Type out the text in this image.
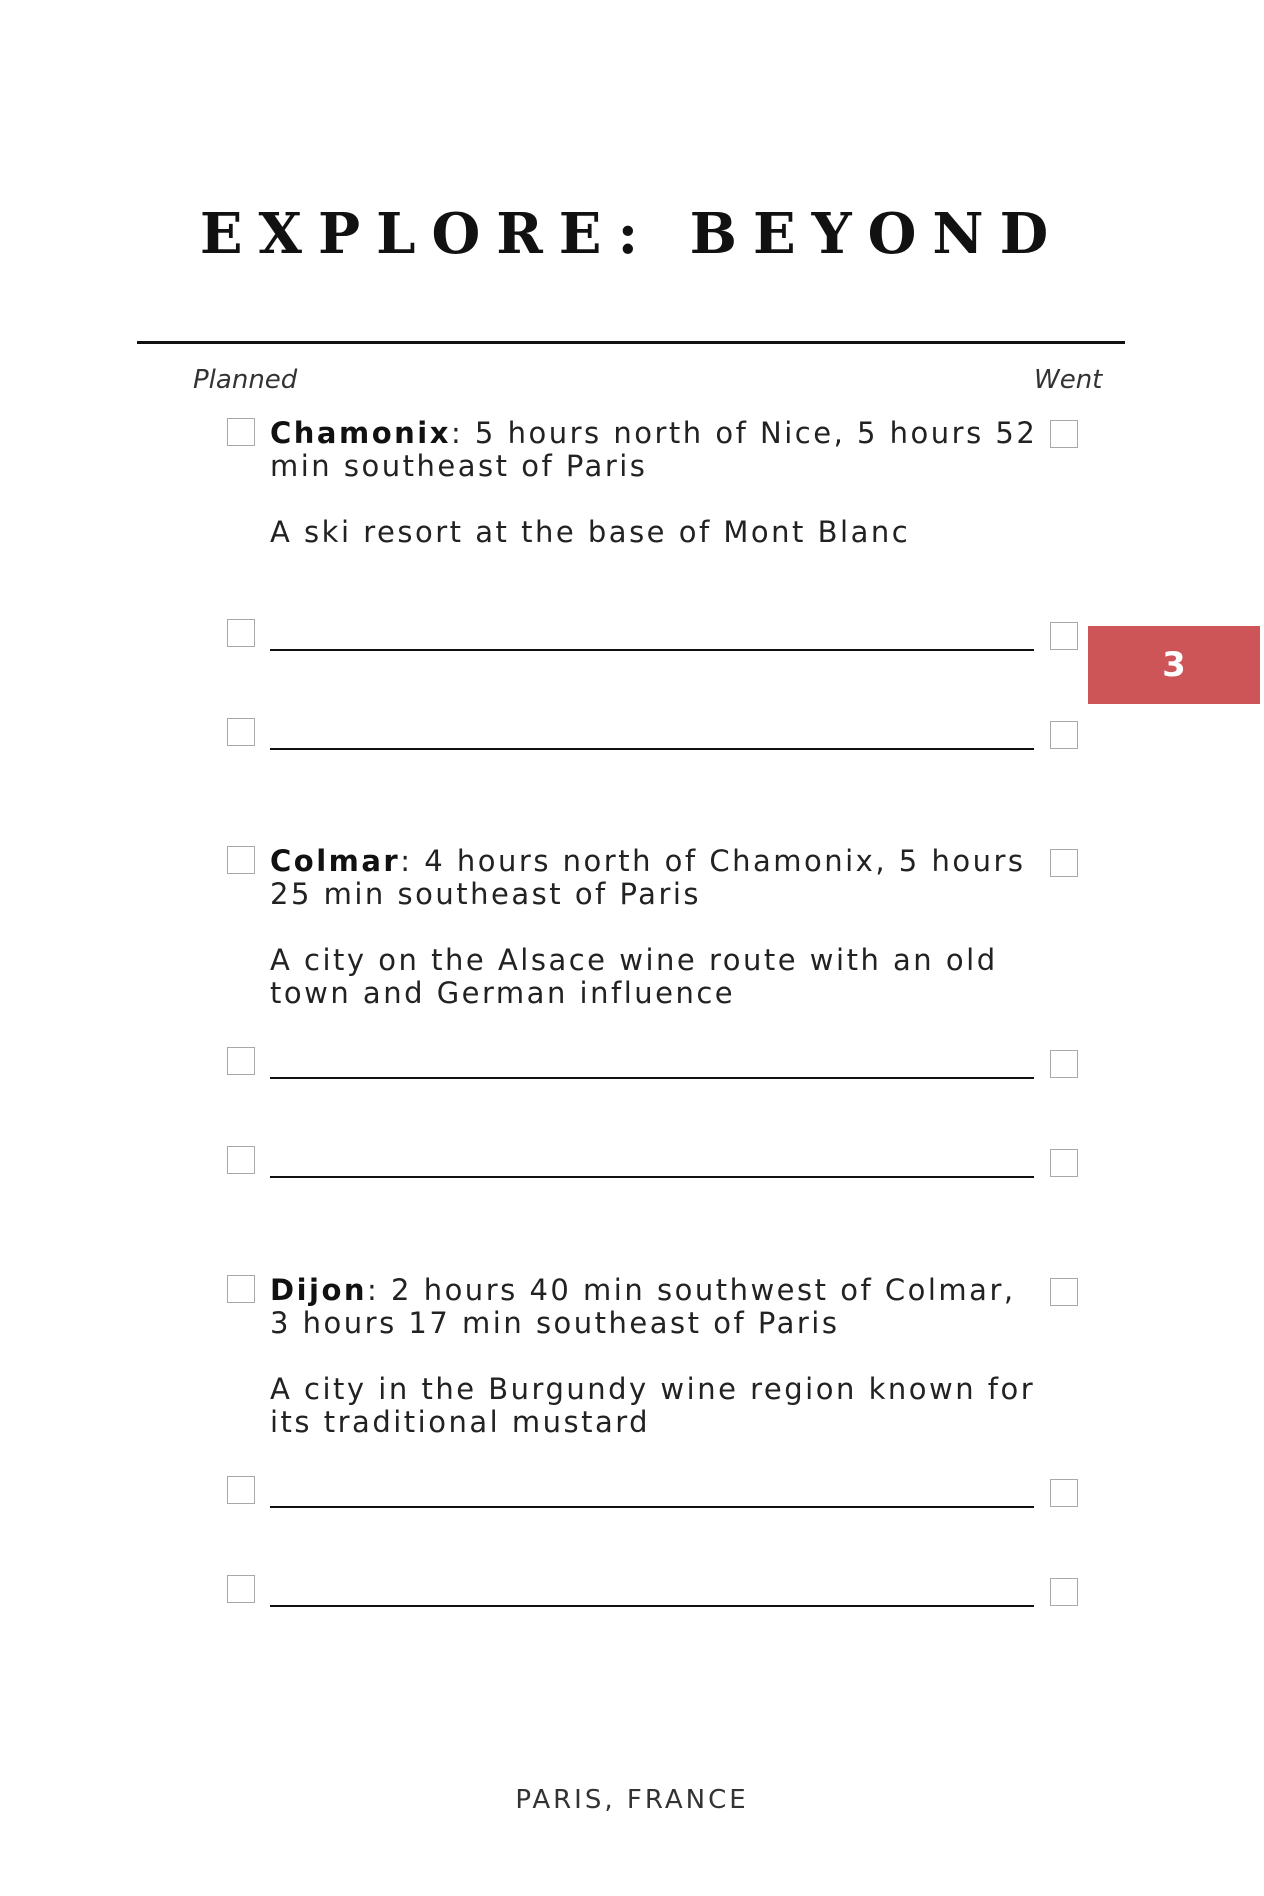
EXPLORE: BEYOND
Planned	Went
Chamonix: 5 hours north of Nice, 5 hours 52 min southeast of Paris
A ski resort at the base of Mont Blanc
Colmar: 4 hours north of Chamonix, 5 hours 25 min southeast of Paris
A city on the Alsace wine route with an old town and German influence
Dijon: 2 hours 40 min southwest of Colmar, 3 hours 17 min southeast of Paris
A city in the Burgundy wine region known for its traditional mustard
3
PARIS, FRANCE
